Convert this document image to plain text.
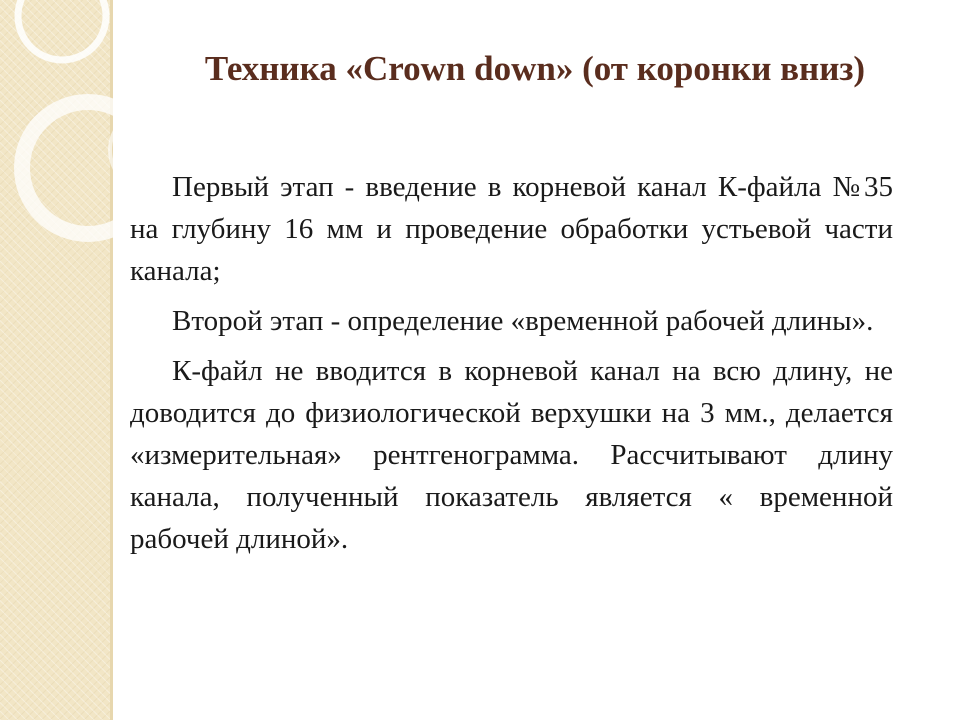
Техника «Crown down» (от коронки вниз)

Первый этап - введение в корневой канал К-файла №35 на глубину 16 мм и проведение обработки устьевой части канала;

Второй этап - определение «временной рабочей длины».

К-файл не вводится в корневой канал на всю длину, не доводится до физиологической верхушки на 3 мм., делается «измерительная» рентгенограмма. Рассчитывают длину канала, полученный показатель является « временной рабочей длиной».
